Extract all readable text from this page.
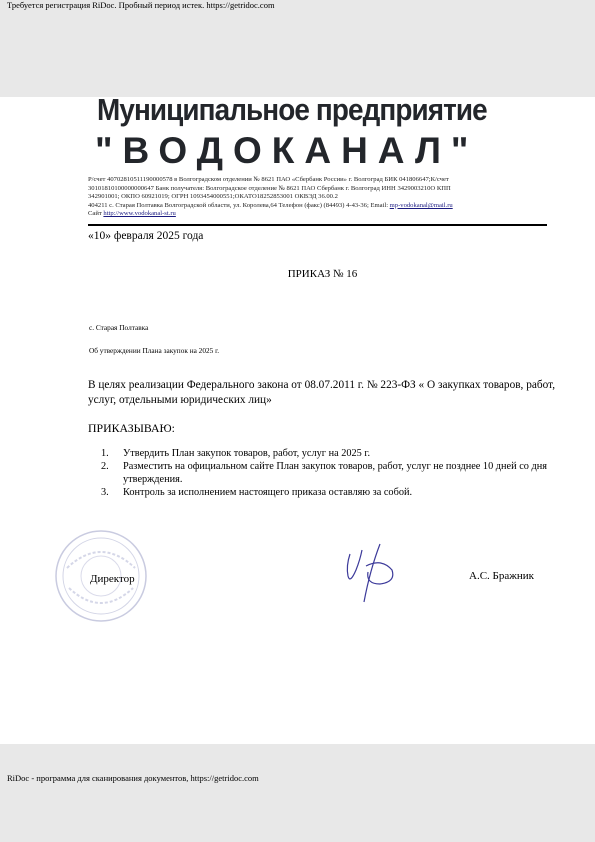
Требуется регистрация RiDoc. Пробный период истек. https://getridoc.com
Муниципальное предприятие
"ВОДОКАНАЛ"
Р/счет 40702810511190000578 в Волгоградском отделении № 8621 ПАО «Сбербанк России» г. Волгоград БИК 041806647;К/счет
30101810100000000647 Банк получателя: Волгоградское отделение № 8621 ПАО Сбербанк г. Волгоград ИНН 3429003210О КПП
342901001; ОКПО 60921019; ОГРН 1093454000551;ОКАТО18252853001 ОКВЭД 36.00.2
404211 с. Старая Полтавка Волгоградской области, ул. Королева,64 Телефон (факс) (84493) 4-43-36; Email: mp-vodokanal@mail.ru
Сайт http://www.vodokanal-st.ru
«10» февраля 2025 года
ПРИКАЗ № 16
с. Старая Полтавка
Об утверждении Плана закупок на 2025 г.
В целях реализации Федерального закона от 08.07.2011 г. № 223-ФЗ « О закупках товаров, работ, услуг, отдельными юридических лиц»
ПРИКАЗЫВАЮ:
1.	Утвердить План закупок товаров, работ, услуг на 2025 г.
2.	Разместить на официальном сайте План закупок товаров, работ, услуг не позднее 10 дней со дня утверждения.
3.	Контроль за исполнением настоящего приказа оставляю за собой.
Директор	А.С. Бражник
RiDoc - программа для сканирования документов, https://getridoc.com
